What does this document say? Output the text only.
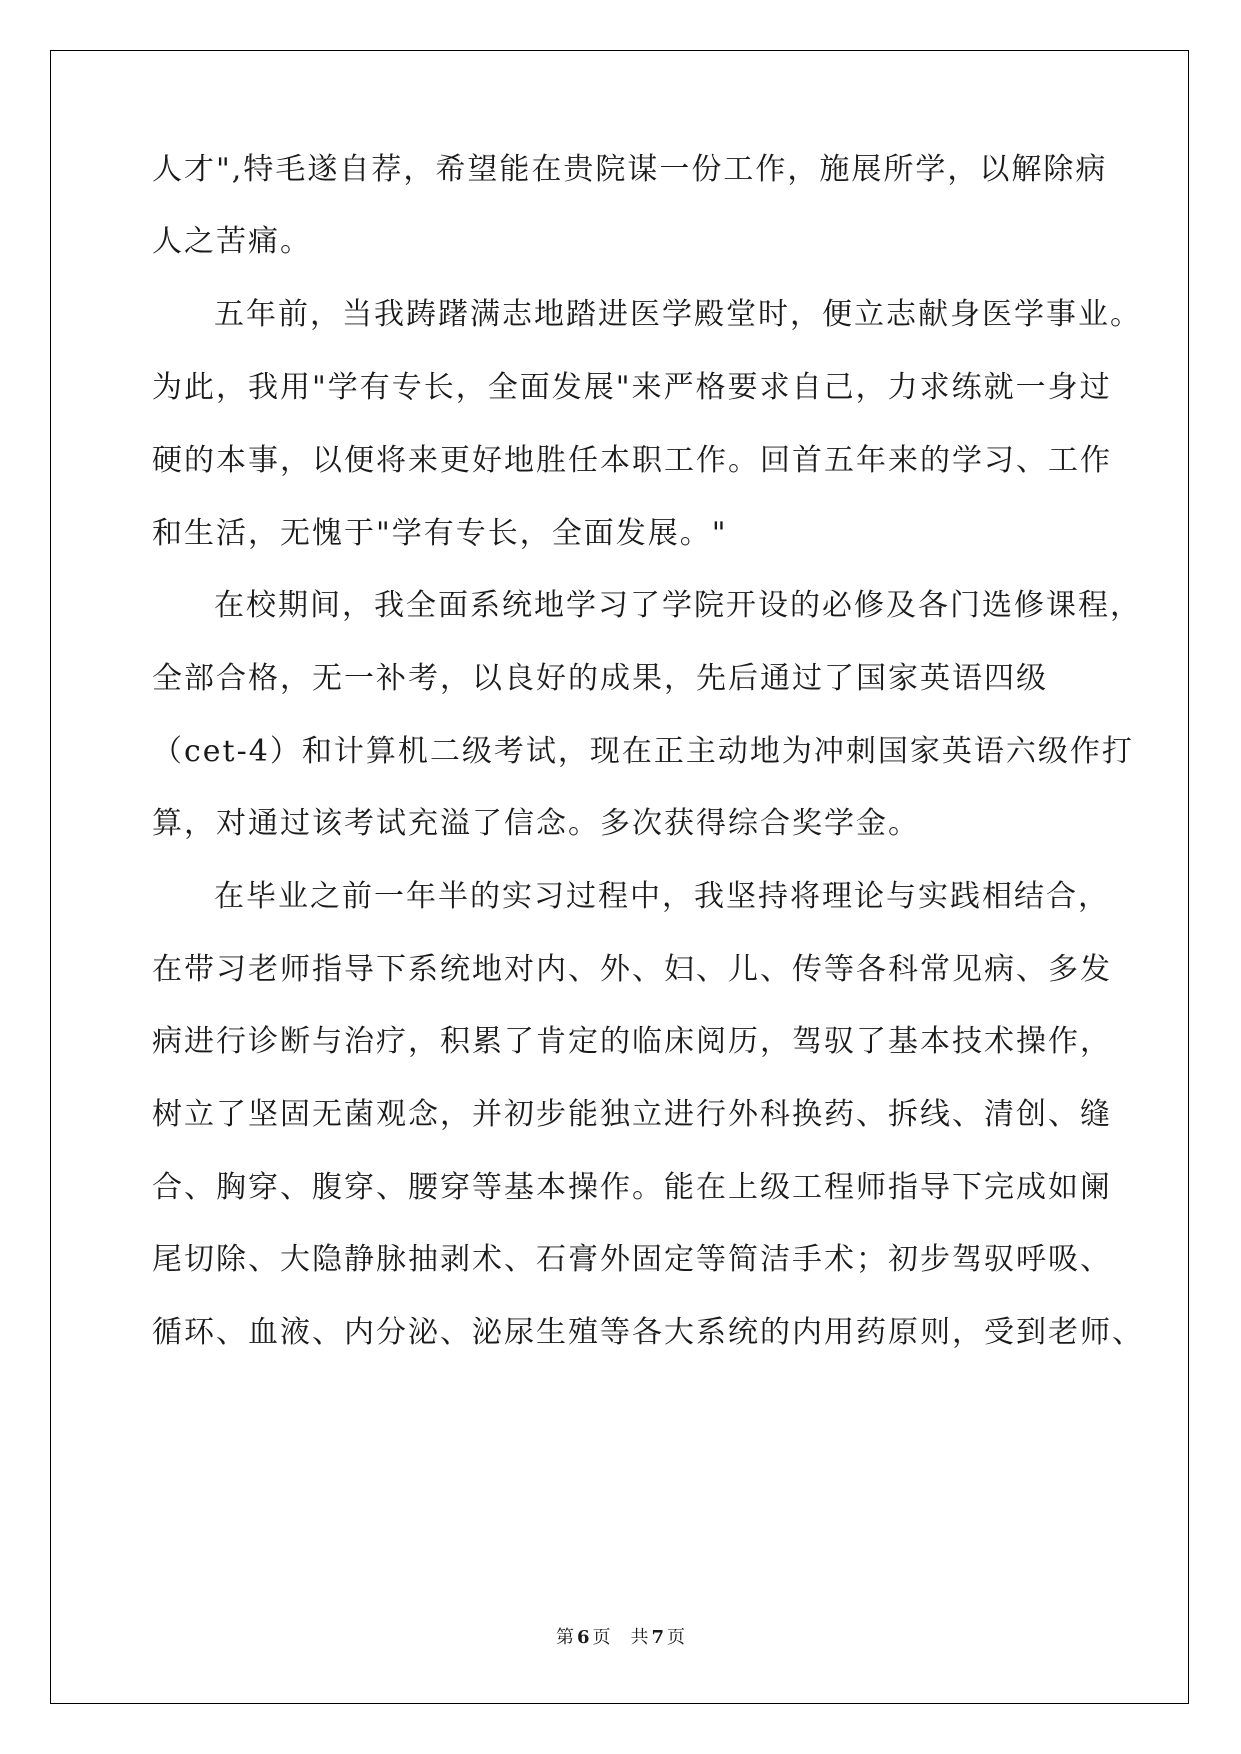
人才",特毛遂自荐，希望能在贵院谋一份工作，施展所学，以解除病
人之苦痛。
五年前，当我踌躇满志地踏进医学殿堂时，便立志献身医学事业。
为此，我用"学有专长，全面发展"来严格要求自己，力求练就一身过
硬的本事，以便将来更好地胜任本职工作。回首五年来的学习、工作
和生活，无愧于"学有专长，全面发展。"
在校期间，我全面系统地学习了学院开设的必修及各门选修课程，
全部合格，无一补考，以良好的成果，先后通过了国家英语四级
（cet-4）和计算机二级考试，现在正主动地为冲刺国家英语六级作打
算，对通过该考试充溢了信念。多次获得综合奖学金。
在毕业之前一年半的实习过程中，我坚持将理论与实践相结合，
在带习老师指导下系统地对内、外、妇、儿、传等各科常见病、多发
病进行诊断与治疗，积累了肯定的临床阅历，驾驭了基本技术操作，
树立了坚固无菌观念，并初步能独立进行外科换药、拆线、清创、缝
合、胸穿、腹穿、腰穿等基本操作。能在上级工程师指导下完成如阑
尾切除、大隐静脉抽剥术、石膏外固定等简洁手术；初步驾驭呼吸、
循环、血液、内分泌、泌尿生殖等各大系统的内用药原则，受到老师、
第 6 页 共 7 页
